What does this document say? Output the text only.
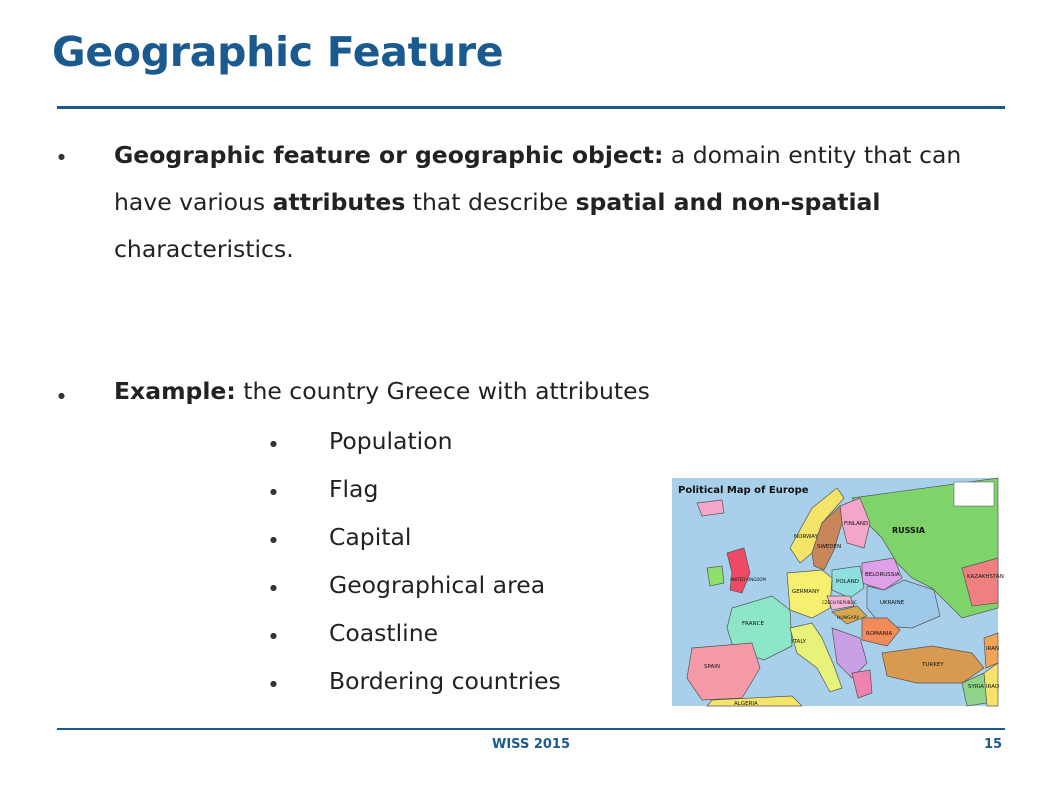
Geographic Feature
● Geographic feature or geographic object: a domain entity that can have various attributes that describe spatial and non-spatial characteristics.
● Example: the country Greece with attributes
● Population
● Flag
● Capital
● Geographical area
● Coastline
● Bordering countries
Political Map of Europe
FINLAND
NORWAY
SWEDEN
RUSSIA
KAZAKHSTAN
BELORUSSIA
POLAND
GERMANY
UKRAINE
CZECH REPUBLIC
HUNGARY
FRANCE
ITALY
ROMANIA
SPAIN	TURKEY
SYRIA IRAQ
IRAN
ALGERIA
UNITED KINGDOM
WISS 2015	15
